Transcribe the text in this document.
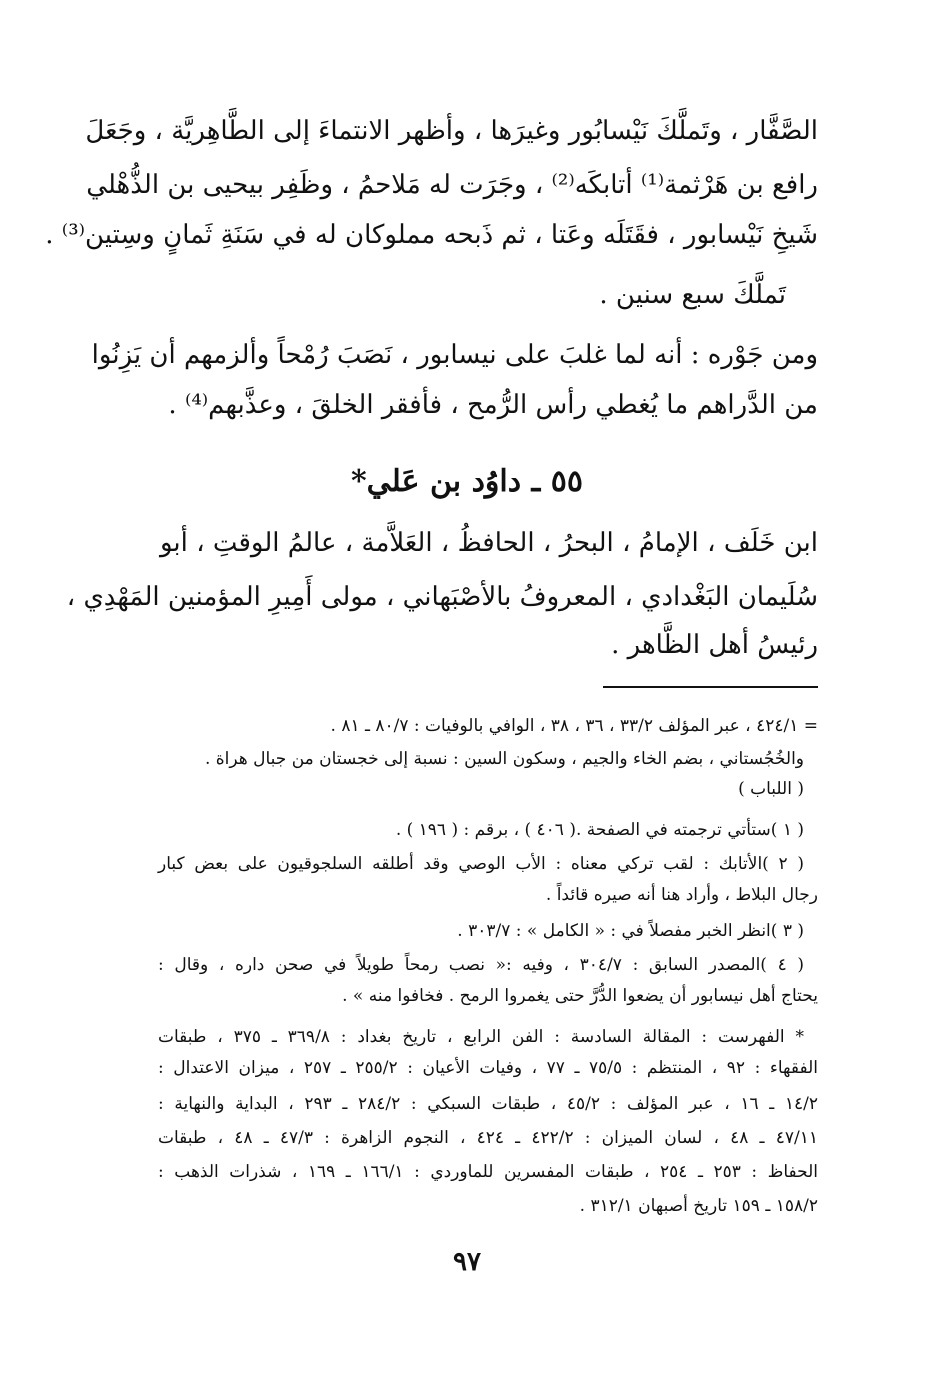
الصَّفَّار ، وتَملَّكَ نَيْسابُور وغيرَها ، وأظهر الانتماءَ إلى الطَّاهِريَّة ، وجَعَلَ

رافع بن هَرْثمة⁽¹⁾ أتابكَه⁽²⁾ ، وجَرَت له مَلاحمُ ، وظَفِر بيحيى بن الذُّهْلي

شَيخِ نَيْسابور ، فقَتَلَه وعَتا ، ثم ذَبحه مملوكان له في سَنَةِ ثَمانٍ وسِتين⁽³⁾ .

تَملَّكَ سبع سنين .

ومن جَوْره : أنه لما غلبَ على نيسابور ، نَصَبَ رُمْحاً وألزمهم أن يَزِنُوا

من الدَّراهم ما يُغطي رأس الرُّمح ، فأفقر الخلقَ ، وعذَّبهم⁽⁴⁾ .

٥٥ ـ داوُد بن عَلي*

ابن خَلَف ، الإمامُ ، البحرُ ، الحافظُ ، العَلاَّمة ، عالمُ الوقتِ ، أبو

سُلَيمان البَغْدادي ، المعروفُ بالأصْبَهاني ، مولى أَمِيرِ المؤمنين المَهْدِي ،

رئيسُ أهل الظَّاهر .

= ٤٢٤/١ ، عبر المؤلف ٣٣/٢ ، ٣٦ ، ٣٨ ، الوافي بالوفيات : ٨٠/٧ ـ ٨١ .

والخُجُستاني ، بضم الخاء والجيم ، وسكون السين : نسبة إلى خجستان من جبال هراة .

( اللباب )

( ١ )ستأتي ترجمته في الصفحة .( ٤٠٦ ) ، برقم : ( ١٩٦ ) .

( ٢ )الأتابك : لقب تركي معناه : الأب الوصي وقد أطلقه السلجوقيون على بعض كبار

رجال البلاط ، وأراد هنا أنه صيره قائداً .

( ٣ )انظر الخبر مفصلاً في : « الكامل » : ٣٠٣/٧ .

( ٤ )المصدر السابق : ٣٠٤/٧ ، وفيه :« نصب رمحاً طويلاً في صحن داره ، وقال :

يحتاج أهل نيسابور أن يضعوا الدُّرَّ حتى يغمروا الرمح . فخافوا منه » .

* الفهرست : المقالة السادسة : الفن الرابع ، تاريخ بغداد : ٣٦٩/٨ ـ ٣٧٥ ، طبقات

الفقهاء : ٩٢ ، المنتظم : ٧٥/٥ ـ ٧٧ ، وفيات الأعيان : ٢٥٥/٢ ـ ٢٥٧ ، ميزان الاعتدال :

١٤/٢ ـ ١٦ ، عبر المؤلف : ٤٥/٢ ، طبقات السبكي : ٢٨٤/٢ ـ ٢٩٣ ، البداية والنهاية :

٤٧/١١ ـ ٤٨ ، لسان الميزان : ٤٢٢/٢ ـ ٤٢٤ ، النجوم الزاهرة : ٤٧/٣ ـ ٤٨ ، طبقات

الحفاظ : ٢٥٣ ـ ٢٥٤ ، طبقات المفسرين للماوردي : ١٦٦/١ ـ ١٦٩ ، شذرات الذهب :

١٥٨/٢ ـ ١٥٩ تاريخ أصبهان ٣١٢/١ .

٩٧
